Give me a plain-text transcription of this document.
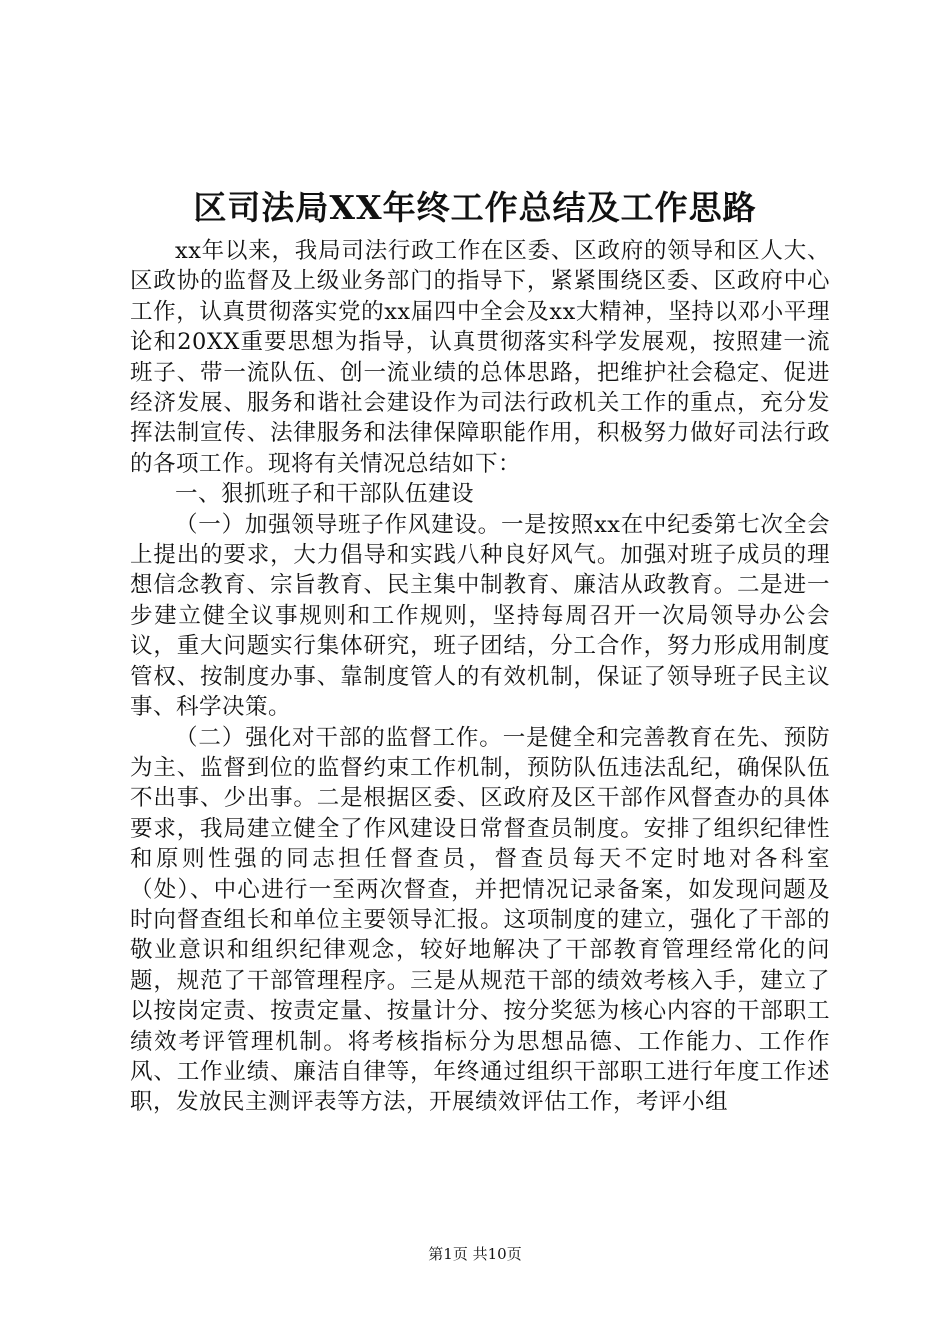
区司法局XX年终工作总结及工作思路

xx年以来，我局司法行政工作在区委、区政府的领导和区人大、区政协的监督及上级业务部门的指导下，紧紧围绕区委、区政府中心工作，认真贯彻落实党的xx届四中全会及xx大精神，坚持以邓小平理论和20XX重要思想为指导，认真贯彻落实科学发展观，按照建一流班子、带一流队伍、创一流业绩的总体思路，把维护社会稳定、促进经济发展、服务和谐社会建设作为司法行政机关工作的重点，充分发挥法制宣传、法律服务和法律保障职能作用，积极努力做好司法行政的各项工作。现将有关情况总结如下：

一、狠抓班子和干部队伍建设

（一）加强领导班子作风建设。一是按照xx在中纪委第七次全会上提出的要求，大力倡导和实践八种良好风气。加强对班子成员的理想信念教育、宗旨教育、民主集中制教育、廉洁从政教育。二是进一步建立健全议事规则和工作规则，坚持每周召开一次局领导办公会议，重大问题实行集体研究，班子团结，分工合作，努力形成用制度管权、按制度办事、靠制度管人的有效机制，保证了领导班子民主议事、科学决策。

（二）强化对干部的监督工作。一是健全和完善教育在先、预防为主、监督到位的监督约束工作机制，预防队伍违法乱纪，确保队伍不出事、少出事。二是根据区委、区政府及区干部作风督查办的具体要求，我局建立健全了作风建设日常督查员制度。安排了组织纪律性和原则性强的同志担任督查员，督查员每天不定时地对各科室（处）、中心进行一至两次督查，并把情况记录备案，如发现问题及时向督查组长和单位主要领导汇报。这项制度的建立，强化了干部的敬业意识和组织纪律观念，较好地解决了干部教育管理经常化的问题，规范了干部管理程序。三是从规范干部的绩效考核入手，建立了以按岗定责、按责定量、按量计分、按分奖惩为核心内容的干部职工绩效考评管理机制。将考核指标分为思想品德、工作能力、工作作风、工作业绩、廉洁自律等，年终通过组织干部职工进行年度工作述职，发放民主测评表等方法，开展绩效评估工作，考评小组

第1页 共10页
